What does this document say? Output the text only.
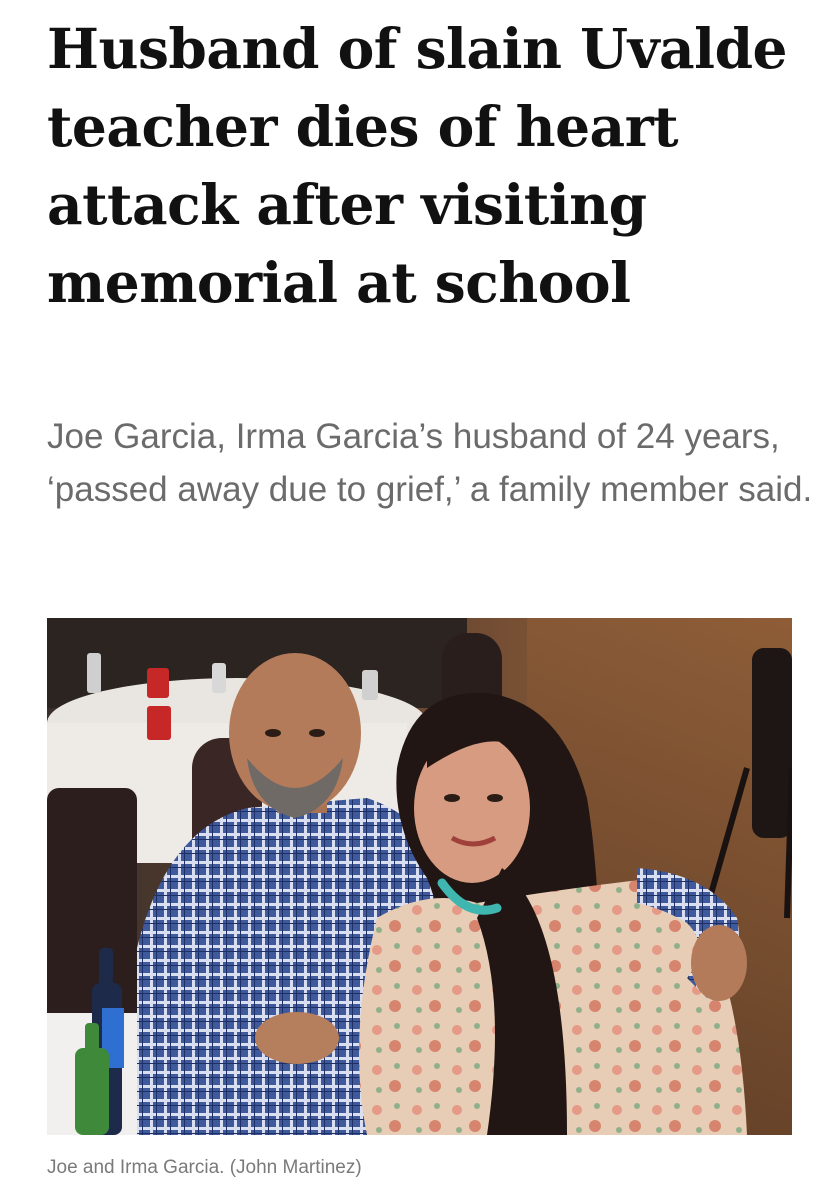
Husband of slain Uvalde teacher dies of heart attack after visiting memorial at school

Joe Garcia, Irma Garcia’s husband of 24 years, ‘passed away due to grief,’ a family member said.

Joe and Irma Garcia. (John Martinez)
